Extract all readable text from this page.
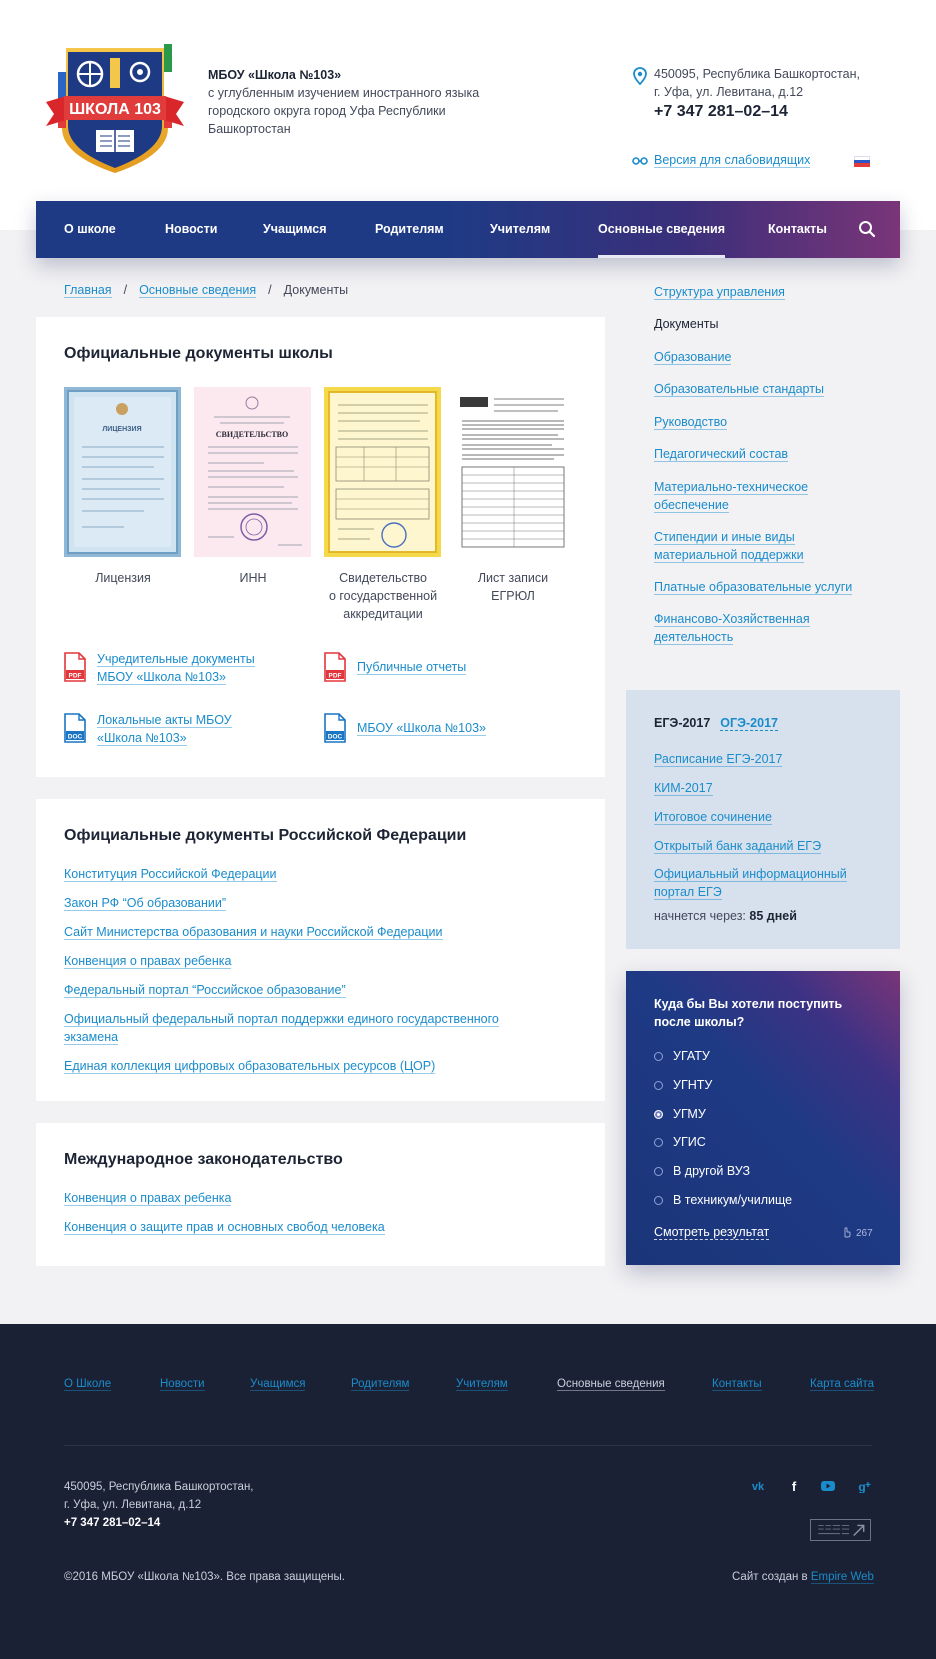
ШКОЛА 103
МБОУ «Школа №103»
с углубленным изучением иностранного языка
городского округа город Уфа Республики
Башкортостан
450095, Республика Башкортостан,
г. Уфа, ул. Левитана, д.12
+7 347 281–02–14
Версия для слабовидящих
О школе	Новости	Учащимся	Родителям	Учителям	Основные сведения	Контакты
Главная / Основные сведения / Документы
Официальные документы школы
ЛИЦЕНЗИЯ
Лицензия
СВИДЕТЕЛЬСТВО
ИНН	Свидетельство
о государственной
аккредитации
Лист записи
ЕГРЮЛ
PDF
Учредительные документы
МБОУ «Школа №103»	PDF
Публичные отчеты
DOC
Локальные акты МБОУ
«Школа №103»	DOC
МБОУ «Школа №103»
Официальные документы Российской Федерации
Конституция Российской Федерации
Закон РФ “Об образовании”
Сайт Министерства образования и науки Российской Федерации
Конвенция о правах ребенка
Федеральный портал “Российское образование”
Официальный федеральный портал поддержки единого государственного
экзамена
Единая коллекция цифровых образовательных ресурсов (ЦОР)
Международное законодательство
Конвенция о правах ребенка
Конвенция о защите прав и основных свобод человека
Структура управления
Документы
Образование
Образовательные стандарты
Руководство
Педагогический состав
Материально-техническое
обеспечение
Стипендии и иные виды
материальной поддержки
Платные образовательные услуги
Финансово-Хозяйственная
деятельность
ЕГЭ-2017 ОГЭ-2017
Расписание ЕГЭ-2017
КИМ-2017
Итоговое сочинение
Открытый банк заданий ЕГЭ
Официальный информационный
портал ЕГЭ
начнется через: 85 дней
Куда бы Вы хотели поступить
после школы?
УГАТУ
УГНТУ
УГМУ
УГИС
В другой ВУЗ
В техникум/училище
Смотреть результат	267
О Школе	Новости	Учащимся	Родителям	Учителям	Основные сведения	Контакты	Карта сайта
450095, Республика Башкортостан,
г. Уфа, ул. Левитана, д.12
+7 347 281–02–14
vk f	g
©2016 МБОУ «Школа №103». Все права защищены.	Сайт создан в Empire Web
